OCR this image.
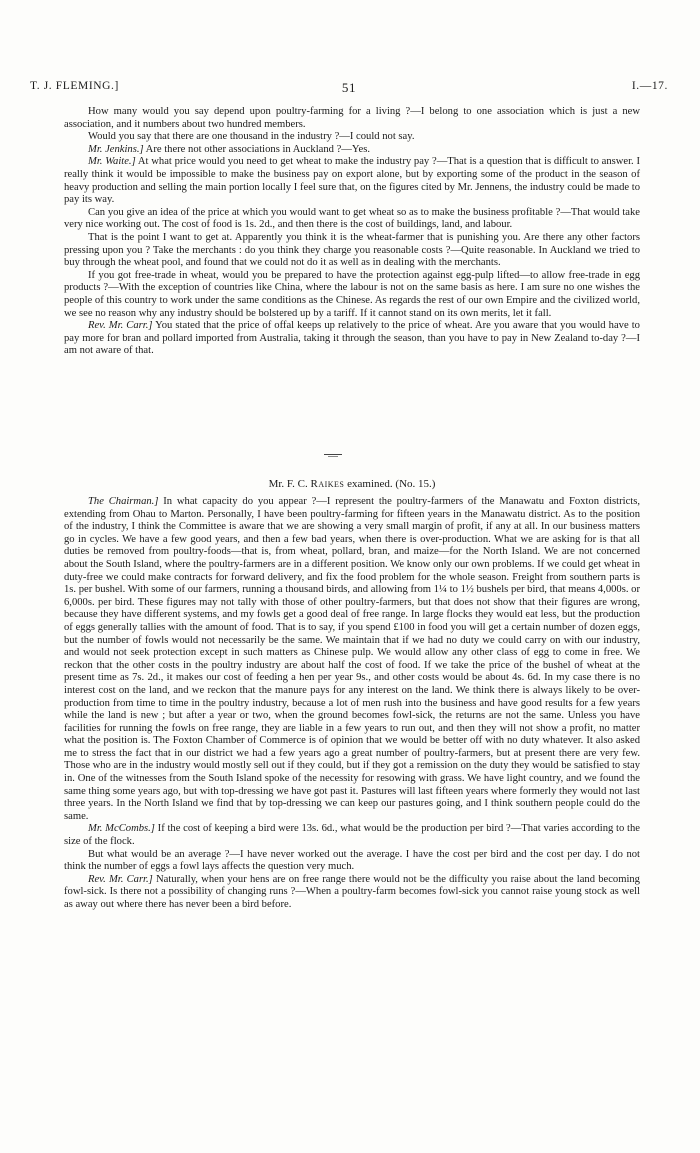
T. J. FLEMING.]	51	I.—17.

How many would you say depend upon poultry-farming for a living ?—I belong to one association which is just a new association, and it numbers about two hundred members.

Would you say that there are one thousand in the industry ?—I could not say.

Mr. Jenkins.] Are there not other associations in Auckland ?—Yes.

Mr. Waite.] At what price would you need to get wheat to make the industry pay ?—That is a question that is difficult to answer. I really think it would be impossible to make the business pay on export alone, but by exporting some of the product in the season of heavy production and selling the main portion locally I feel sure that, on the figures cited by Mr. Jennens, the industry could be made to pay its way.

Can you give an idea of the price at which you would want to get wheat so as to make the business profitable ?—That would take very nice working out. The cost of food is 1s. 2d., and then there is the cost of buildings, land, and labour.

That is the point I want to get at. Apparently you think it is the wheat-farmer that is punishing you. Are there any other factors pressing upon you ? Take the merchants : do you think they charge you reasonable costs ?—Quite reasonable. In Auckland we tried to buy through the wheat pool, and found that we could not do it as well as in dealing with the merchants.

If you got free-trade in wheat, would you be prepared to have the protection against egg-pulp lifted—to allow free-trade in egg products ?—With the exception of countries like China, where the labour is not on the same basis as here. I am sure no one wishes the people of this country to work under the same conditions as the Chinese. As regards the rest of our own Empire and the civilized world, we see no reason why any industry should be bolstered up by a tariff. If it cannot stand on its own merits, let it fall.

Rev. Mr. Carr.] You stated that the price of offal keeps up relatively to the price of wheat. Are you aware that you would have to pay more for bran and pollard imported from Australia, taking it through the season, than you have to pay in New Zealand to-day ?—I am not aware of that.

Mr. F. C. Raikes examined. (No. 15.)

The Chairman.] In what capacity do you appear ?—I represent the poultry-farmers of the Manawatu and Foxton districts, extending from Ohau to Marton. Personally, I have been poultry-farming for fifteen years in the Manawatu district. As to the position of the industry, I think the Committee is aware that we are showing a very small margin of profit, if any at all. In our business matters go in cycles. We have a few good years, and then a few bad years, when there is over-production. What we are asking for is that all duties be removed from poultry-foods—that is, from wheat, pollard, bran, and maize—for the North Island. We are not concerned about the South Island, where the poultry-farmers are in a different position. We know only our own problems. If we could get wheat in duty-free we could make contracts for forward delivery, and fix the food problem for the whole season. Freight from southern parts is 1s. per bushel. With some of our farmers, running a thousand birds, and allowing from 1¼ to 1½ bushels per bird, that means 4,000s. or 6,000s. per bird. These figures may not tally with those of other poultry-farmers, but that does not show that their figures are wrong, because they have different systems, and my fowls get a good deal of free range. In large flocks they would eat less, but the production of eggs generally tallies with the amount of food. That is to say, if you spend £100 in food you will get a certain number of dozen eggs, but the number of fowls would not necessarily be the same. We maintain that if we had no duty we could carry on with our industry, and would not seek protection except in such matters as Chinese pulp. We would allow any other class of egg to come in free. We reckon that the other costs in the poultry industry are about half the cost of food. If we take the price of the bushel of wheat at the present time as 7s. 2d., it makes our cost of feeding a hen per year 9s., and other costs would be about 4s. 6d. In my case there is no interest cost on the land, and we reckon that the manure pays for any interest on the land. We think there is always likely to be over-production from time to time in the poultry industry, because a lot of men rush into the business and have good results for a few years while the land is new ; but after a year or two, when the ground becomes fowl-sick, the returns are not the same. Unless you have facilities for running the fowls on free range, they are liable in a few years to run out, and then they will not show a profit, no matter what the position is. The Foxton Chamber of Commerce is of opinion that we would be better off with no duty whatever. It also asked me to stress the fact that in our district we had a few years ago a great number of poultry-farmers, but at present there are very few. Those who are in the industry would mostly sell out if they could, but if they got a remission on the duty they would be satisfied to stay in. One of the witnesses from the South Island spoke of the necessity for resowing with grass. We have light country, and we found the same thing some years ago, but with top-dressing we have got past it. Pastures will last fifteen years where formerly they would not last three years. In the North Island we find that by top-dressing we can keep our pastures going, and I think southern people could do the same.

Mr. McCombs.] If the cost of keeping a bird were 13s. 6d., what would be the production per bird ?—That varies according to the size of the flock.

But what would be an average ?—I have never worked out the average. I have the cost per bird and the cost per day. I do not think the number of eggs a fowl lays affects the question very much.

Rev. Mr. Carr.] Naturally, when your hens are on free range there would not be the difficulty you raise about the land becoming fowl-sick. Is there not a possibility of changing runs ?—When a poultry-farm becomes fowl-sick you cannot raise young stock as well as away out where there has never been a bird before.
